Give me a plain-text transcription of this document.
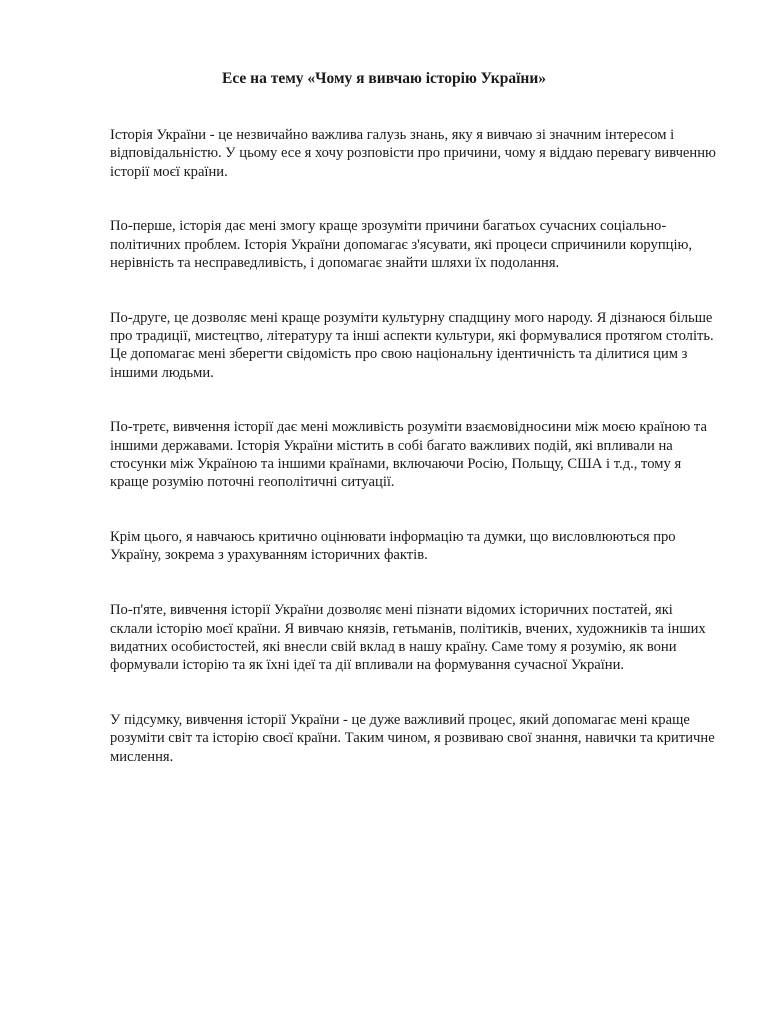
Есе на тему «Чому я вивчаю історію України»

Історія України - це незвичайно важлива галузь знань, яку я вивчаю зі значним інтересом і відповідальністю. У цьому есе я хочу розповісти про причини, чому я віддаю перевагу вивченню історії моєї країни.

По-перше, історія дає мені змогу краще зрозуміти причини багатьох сучасних соціально-політичних проблем. Історія України допомагає з'ясувати, які процеси спричинили корупцію, нерівність та несправедливість, і допомагає знайти шляхи їх подолання.

По-друге, це дозволяє мені краще розуміти культурну спадщину мого народу. Я дізнаюся більше про традиції, мистецтво, літературу та інші аспекти культури, які формувалися протягом століть. Це допомагає мені зберегти свідомість про свою національну ідентичність та ділитися цим з іншими людьми.

По-третє, вивчення історії дає мені можливість розуміти взаємовідносини між моєю країною та іншими державами. Історія України містить в собі багато важливих подій, які впливали на стосунки між Україною та іншими країнами, включаючи Росію, Польщу, США і т.д., тому я краще розумію поточні геополітичні ситуації.

Крім цього, я навчаюсь критично оцінювати інформацію та думки, що висловлюються про Україну, зокрема з урахуванням історичних фактів.

По-п'яте, вивчення історії України дозволяє мені пізнати відомих історичних постатей, які склали історію моєї країни. Я вивчаю князів, гетьманів, політиків, вчених, художників та інших видатних особистостей, які внесли свій вклад в нашу країну. Саме тому я розумію, як вони формували історію та як їхні ідеї та дії впливали на формування сучасної України.

У підсумку, вивчення історії України - це дуже важливий процес, який допомагає мені краще розуміти світ та історію своєї країни. Таким чином, я розвиваю свої знання, навички та критичне мислення.
